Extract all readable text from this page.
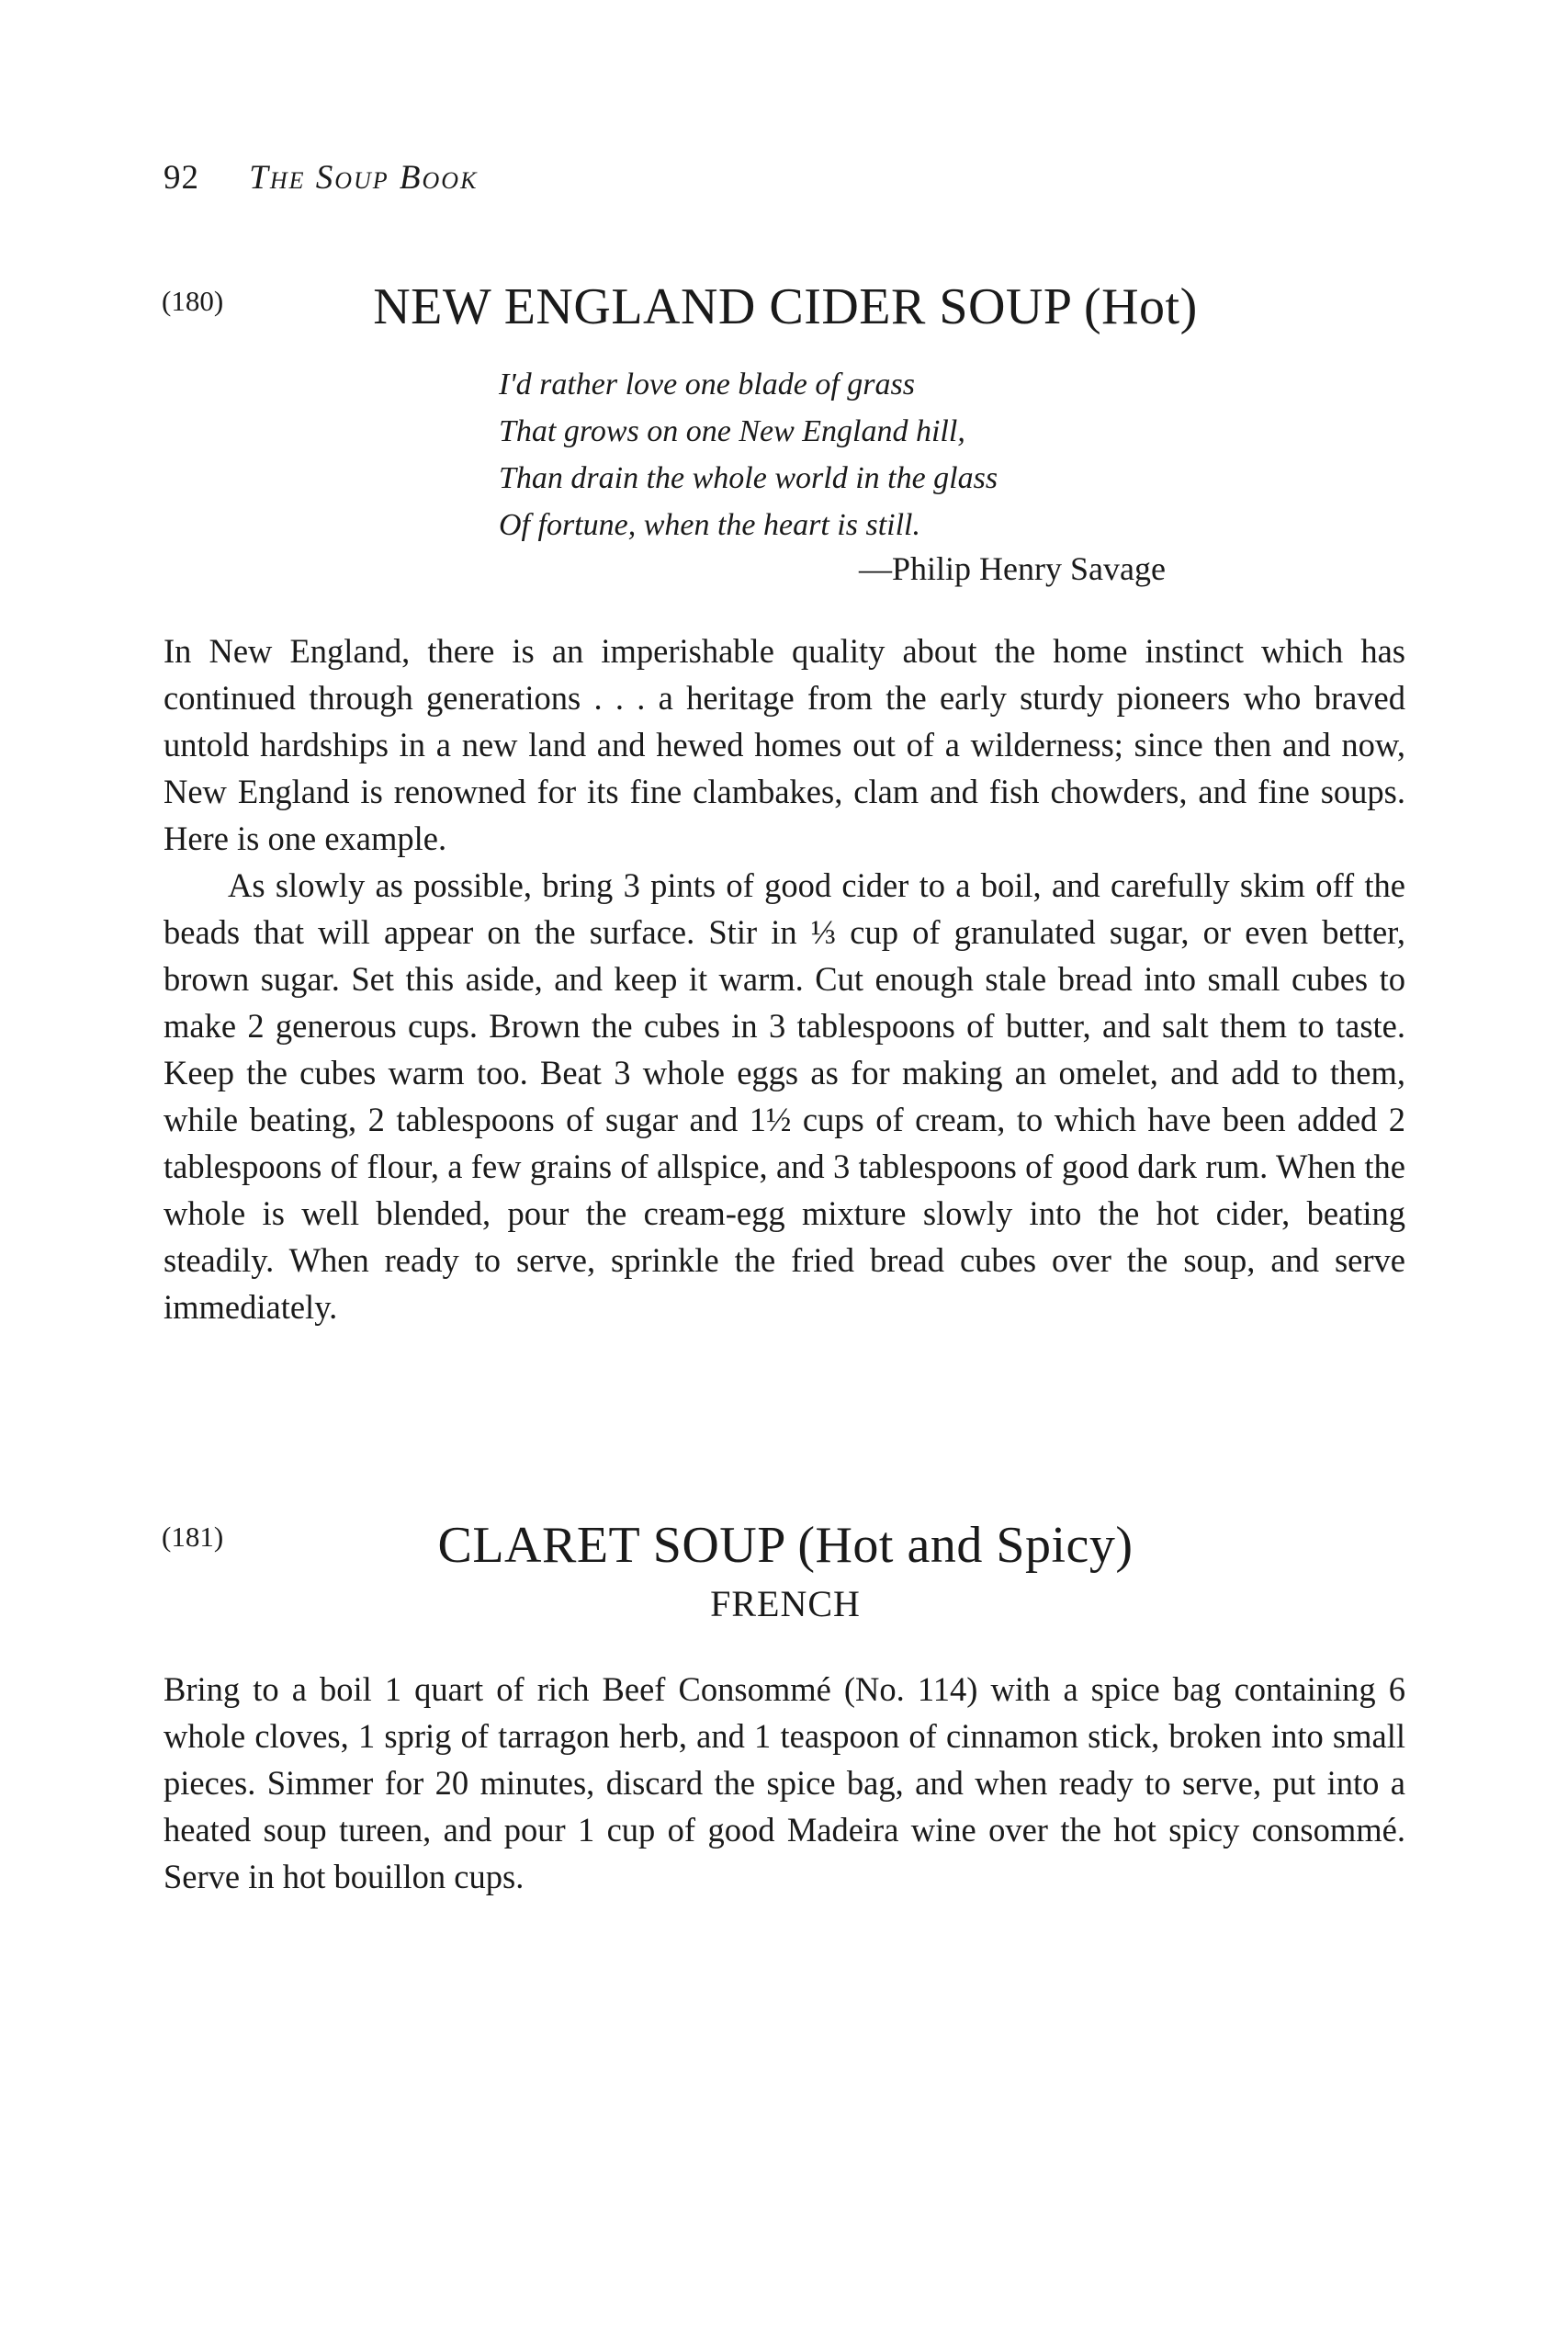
92 The Soup Book
(180)	NEW ENGLAND CIDER SOUP (Hot)
I'd rather love one blade of grass
That grows on one New England hill,
Than drain the whole world in the glass
Of fortune, when the heart is still.
—Philip Henry Savage

In New England, there is an imperishable quality about the home instinct which has continued through generations . . . a heritage from the early sturdy pioneers who braved untold hardships in a new land and hewed homes out of a wilderness; since then and now, New England is renowned for its fine clambakes, clam and fish chowders, and fine soups. Here is one example.

As slowly as possible, bring 3 pints of good cider to a boil, and carefully skim off the beads that will appear on the surface. Stir in ⅓ cup of granulated sugar, or even better, brown sugar. Set this aside, and keep it warm. Cut enough stale bread into small cubes to make 2 generous cups. Brown the cubes in 3 tablespoons of butter, and salt them to taste. Keep the cubes warm too. Beat 3 whole eggs as for making an omelet, and add to them, while beating, 2 tablespoons of sugar and 1½ cups of cream, to which have been added 2 tablespoons of flour, a few grains of allspice, and 3 tablespoons of good dark rum. When the whole is well blended, pour the cream-egg mixture slowly into the hot cider, beating steadily. When ready to serve, sprinkle the fried bread cubes over the soup, and serve immediately.

(181)	CLARET SOUP (Hot and Spicy)
FRENCH

Bring to a boil 1 quart of rich Beef Consommé (No. 114) with a spice bag containing 6 whole cloves, 1 sprig of tarragon herb, and 1 teaspoon of cinnamon stick, broken into small pieces. Simmer for 20 minutes, discard the spice bag, and when ready to serve, put into a heated soup tureen, and pour 1 cup of good Madeira wine over the hot spicy consommé. Serve in hot bouillon cups.
